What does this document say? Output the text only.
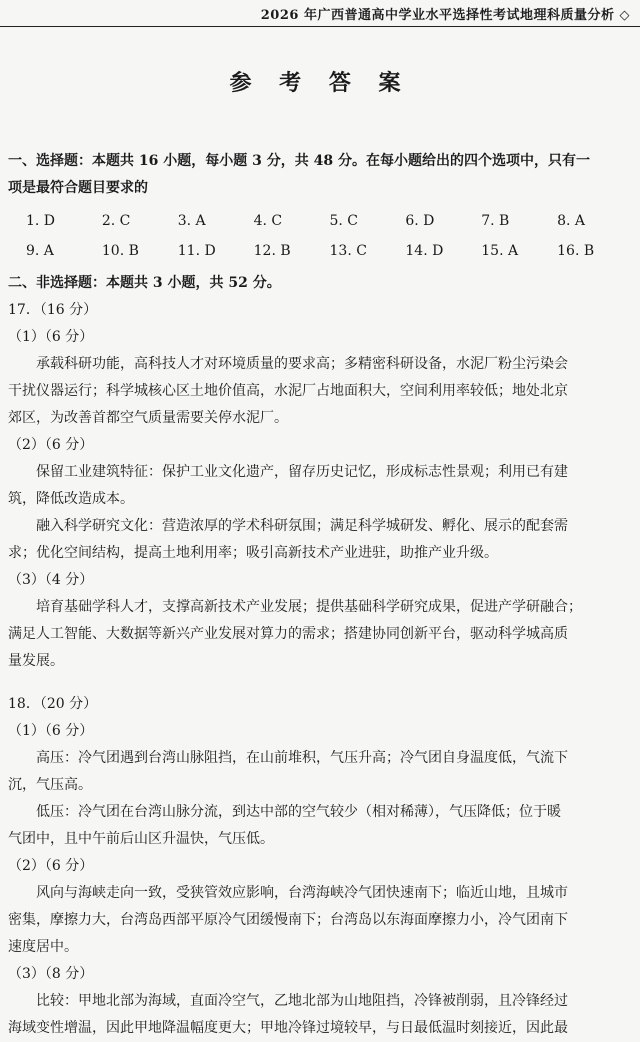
2026 年广西普通高中学业水平选择性考试地理科质量分析 ◇
参 考 答 案
一、选择题：本题共 16 小题，每小题 3 分，共 48 分。在每小题给出的四个选项中，只有一
项是最符合题目要求的
1. D	2. C	3. A	4. C	5. C	6. D	7. B	8. A
9. A	10. B	11. D	12. B	13. C	14. D	15. A	16. B
二、非选择题：本题共 3 小题，共 52 分。
17．（16 分）
（1）（6 分）
承载科研功能，高科技人才对环境质量的要求高；多精密科研设备，水泥厂粉尘污染会
干扰仪器运行；科学城核心区土地价值高，水泥厂占地面积大，空间利用率较低；地处北京
郊区，为改善首都空气质量需要关停水泥厂。
（2）（6 分）
保留工业建筑特征：保护工业文化遗产，留存历史记忆，形成标志性景观；利用已有建
筑，降低改造成本。
融入科学研究文化：营造浓厚的学术科研氛围；满足科学城研发、孵化、展示的配套需
求；优化空间结构，提高土地利用率；吸引高新技术产业进驻，助推产业升级。
（3）（4 分）
培育基础学科人才，支撑高新技术产业发展；提供基础科学研究成果，促进产学研融合；
满足人工智能、大数据等新兴产业发展对算力的需求；搭建协同创新平台，驱动科学城高质
量发展。
18．（20 分）
（1）（6 分）
高压：冷气团遇到台湾山脉阻挡，在山前堆积，气压升高；冷气团自身温度低，气流下
沉，气压高。
低压：冷气团在台湾山脉分流，到达中部的空气较少（相对稀薄），气压降低；位于暖
气团中，且中午前后山区升温快，气压低。
（2）（6 分）
风向与海峡走向一致，受狭管效应影响，台湾海峡冷气团快速南下；临近山地，且城市
密集，摩擦力大，台湾岛西部平原冷气团缓慢南下；台湾岛以东海面摩擦力小，冷气团南下
速度居中。
（3）（8 分）
比较：甲地北部为海域，直面冷空气，乙地北部为山地阻挡，冷锋被削弱，且冷锋经过
海域变性增温，因此甲地降温幅度更大；甲地冷锋过境较早，与日最低温时刻接近，因此最
